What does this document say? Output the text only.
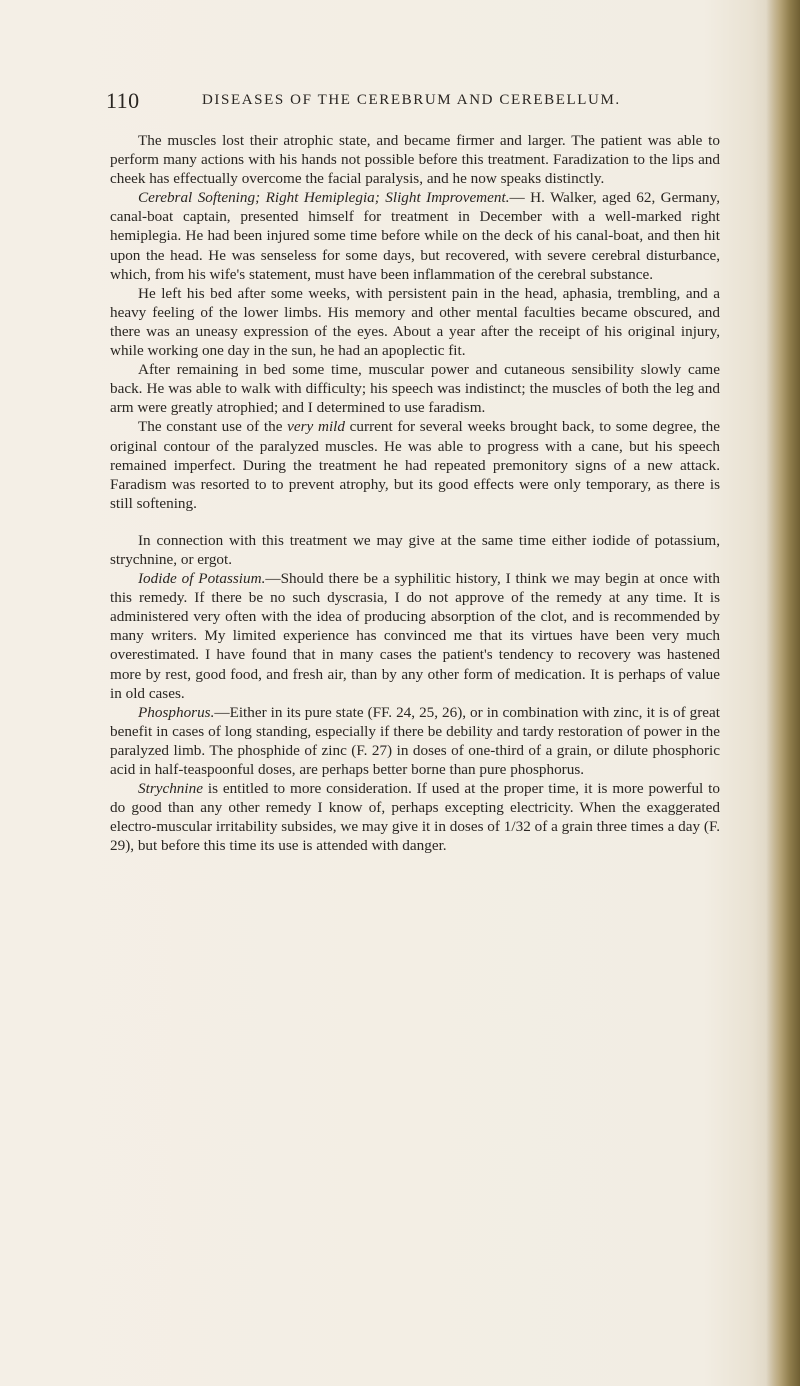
110	DISEASES OF THE CEREBRUM AND CEREBELLUM.

The muscles lost their atrophic state, and became firmer and larger. The patient was able to perform many actions with his hands not possible before this treatment. Faradization to the lips and cheek has effectually overcome the facial paralysis, and he now speaks distinctly.

Cerebral Softening; Right Hemiplegia; Slight Improvement.— H. Walker, aged 62, Germany, canal-boat captain, presented himself for treatment in December with a well-marked right hemiplegia. He had been injured some time before while on the deck of his canal-boat, and then hit upon the head. He was senseless for some days, but recovered, with severe cerebral disturbance, which, from his wife's statement, must have been inflammation of the cerebral substance.

He left his bed after some weeks, with persistent pain in the head, aphasia, trembling, and a heavy feeling of the lower limbs. His memory and other mental faculties became obscured, and there was an uneasy expression of the eyes. About a year after the receipt of his original injury, while working one day in the sun, he had an apoplectic fit.

After remaining in bed some time, muscular power and cutaneous sensibility slowly came back. He was able to walk with difficulty; his speech was indistinct; the muscles of both the leg and arm were greatly atrophied; and I determined to use faradism.

The constant use of the very mild current for several weeks brought back, to some degree, the original contour of the paralyzed muscles. He was able to progress with a cane, but his speech remained imperfect. During the treatment he had repeated premonitory signs of a new attack. Faradism was resorted to to prevent atrophy, but its good effects were only temporary, as there is still softening.

In connection with this treatment we may give at the same time either iodide of potassium, strychnine, or ergot.

Iodide of Potassium.—Should there be a syphilitic history, I think we may begin at once with this remedy. If there be no such dyscrasia, I do not approve of the remedy at any time. It is administered very often with the idea of producing absorption of the clot, and is recommended by many writers. My limited experience has convinced me that its virtues have been very much overestimated. I have found that in many cases the patient's tendency to recovery was hastened more by rest, good food, and fresh air, than by any other form of medication. It is perhaps of value in old cases.

Phosphorus.—Either in its pure state (FF. 24, 25, 26), or in combination with zinc, it is of great benefit in cases of long standing, especially if there be debility and tardy restoration of power in the paralyzed limb. The phosphide of zinc (F. 27) in doses of one-third of a grain, or dilute phosphoric acid in half-teaspoonful doses, are perhaps better borne than pure phosphorus.

Strychnine is entitled to more consideration. If used at the proper time, it is more powerful to do good than any other remedy I know of, perhaps excepting electricity. When the exaggerated electro-muscular irritability subsides, we may give it in doses of 1/32 of a grain three times a day (F. 29), but before this time its use is attended with danger.
